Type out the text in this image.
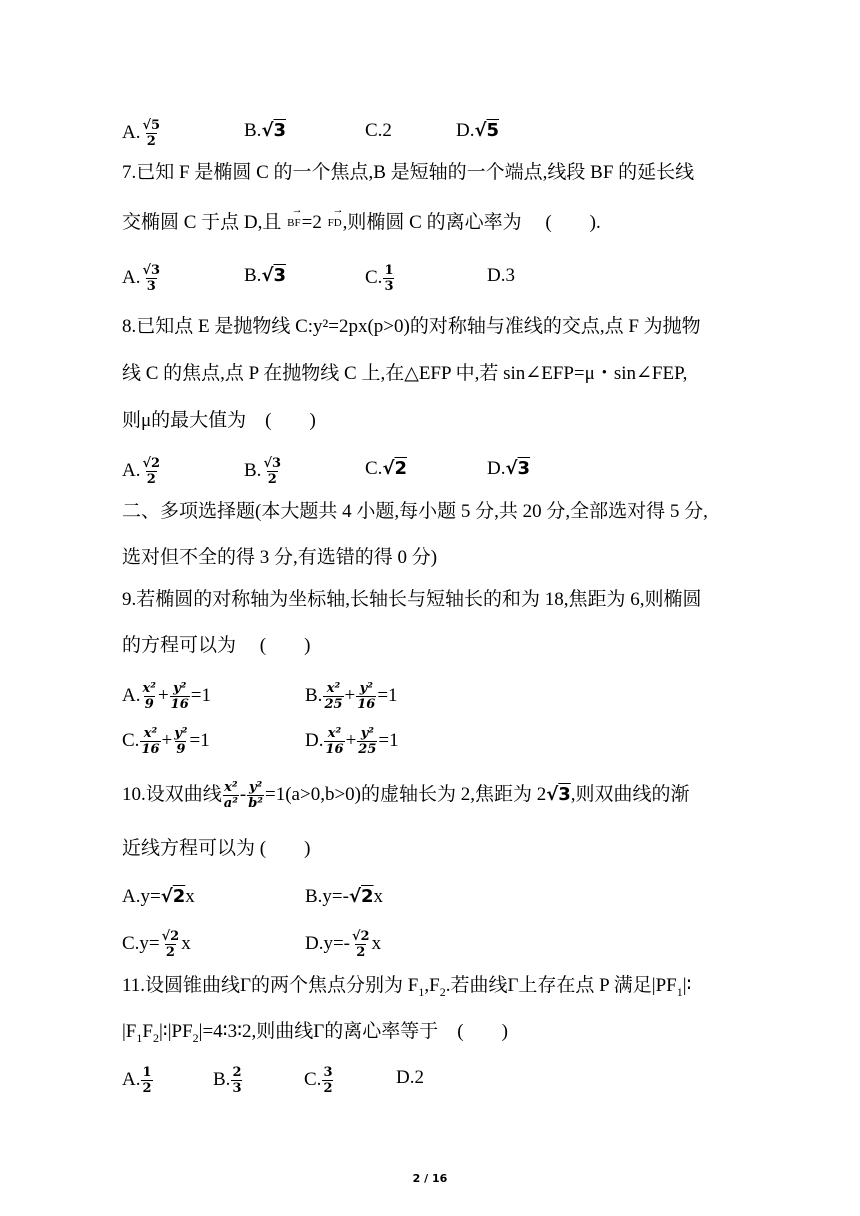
A. $\frac{√5}{2}$	B.√3	C.2	D.√5
7.已知 F 是椭圆 C 的一个焦点,B 是短轴的一个端点,线段 BF 的延长线
交椭圆 C 于点 D,且 → BF=2 → FD,则椭圆 C 的离心率为　 (　　).
A. $\frac{√3}{3}$	B.√3	C. $\frac{1}{3}$	D.3
8.已知点 E 是抛物线 C:y²=2px(p>0)的对称轴与准线的交点,点 F 为抛物
线 C 的焦点,点 P 在抛物线 C 上,在△EFP 中,若 sin∠EFP=μ・sin∠FEP,
则μ的最大值为　(　　)
A. $\frac{√2}{2}$	B. $\frac{√3}{2}$	C.√2	D.√3
二、多项选择题(本大题共 4 小题,每小题 5 分,共 20 分,全部选对得 5 分,
选对但不全的得 3 分,有选错的得 0 分)
9.若椭圆的对称轴为坐标轴,长轴长与短轴长的和为 18,焦距为 6,则椭圆
的方程可以为　 (　　)
A. $\frac{\text{x²}}{9} + \frac{\text{y²}}{16} =1$	B. $\frac{\text{x²}}{25} + \frac{\text{y²}}{16} =1$
C. $\frac{\text{x²}}{16} + \frac{\text{y²}}{9} =1$	D. $\frac{\text{x²}}{16} + \frac{\text{y²}}{25} =1$
10.设双曲线 $\frac{\text{x²}}{\text{a²}} - \frac{\text{y²}}{\text{b²}} =1(a>0,b>0)$的虚轴长为 2,焦距为 2√3,则双曲线的渐
近线方程可以为 (　　)
A.y=√2x	B.y=-√2x
$C.y= \frac{√2}{2}$ x	$D.y=- \frac{√2}{2}$ x
11.设圆锥曲线Γ的两个焦点分别为 $F_1,F_2$.若曲线Γ上存在点 P 满足$|PF_1|∶$
$|F_1F_2|∶|PF_2|=4∶3∶2$,则曲线Γ的离心率等于　(　　)
A. $\frac{1}{2}$	B. $\frac{2}{3}$	C. $\frac{3}{2}$	D.2
2 / 16
